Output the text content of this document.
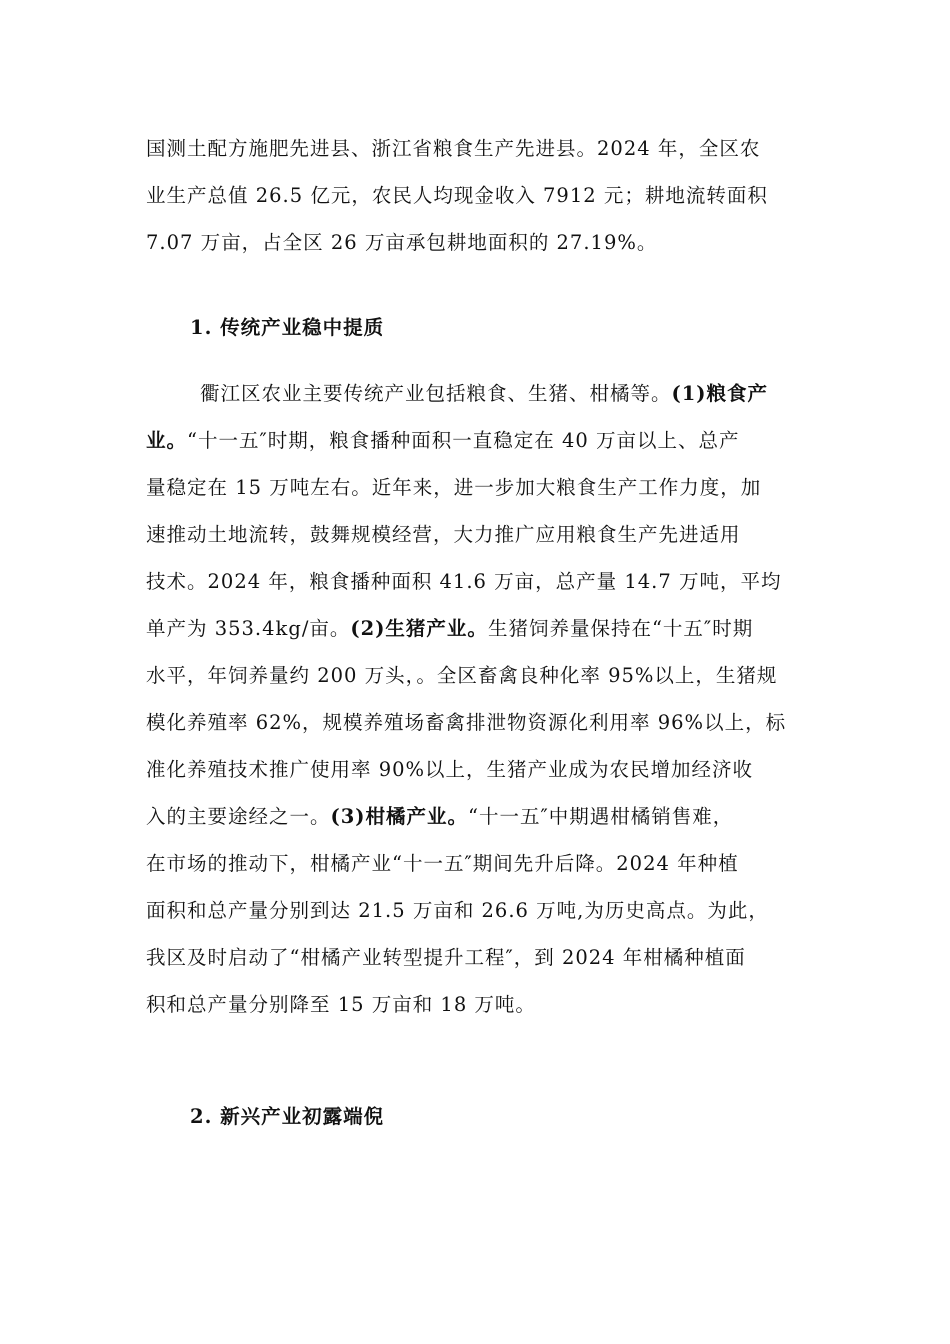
国测土配方施肥先进县、浙江省粮食生产先进县。2024 年，全区农
业生产总值 26.5 亿元，农民人均现金收入 7912 元；耕地流转面积
7.07 万亩，占全区 26 万亩承包耕地面积的 27.19%。
1. 传统产业稳中提质
衢江区农业主要传统产业包括粮食、生猪、柑橘等。(1)粮食产
业。“十一五″时期，粮食播种面积一直稳定在 40 万亩以上、总产
量稳定在 15 万吨左右。近年来，进一步加大粮食生产工作力度，加
速推动土地流转，鼓舞规模经营，大力推广应用粮食生产先进适用
技术。2024 年，粮食播种面积 41.6 万亩，总产量 14.7 万吨，平均
单产为 353.4kg/亩。(2)生猪产业。生猪饲养量保持在“十五″时期
水平，年饲养量约 200 万头，。全区畜禽良种化率 95%以上，生猪规
模化养殖率 62%，规模养殖场畜禽排泄物资源化利用率 96%以上，标
准化养殖技术推广使用率 90%以上，生猪产业成为农民增加经济收
入的主要途经之一。(3)柑橘产业。“十一五″中期遇柑橘销售难，
在市场的推动下，柑橘产业“十一五″期间先升后降。2024 年种植
面积和总产量分别到达 21.5 万亩和 26.6 万吨,为历史高点。为此，
我区及时启动了“柑橘产业转型提升工程″，到 2024 年柑橘种植面
积和总产量分别降至 15 万亩和 18 万吨。
2. 新兴产业初露端倪
